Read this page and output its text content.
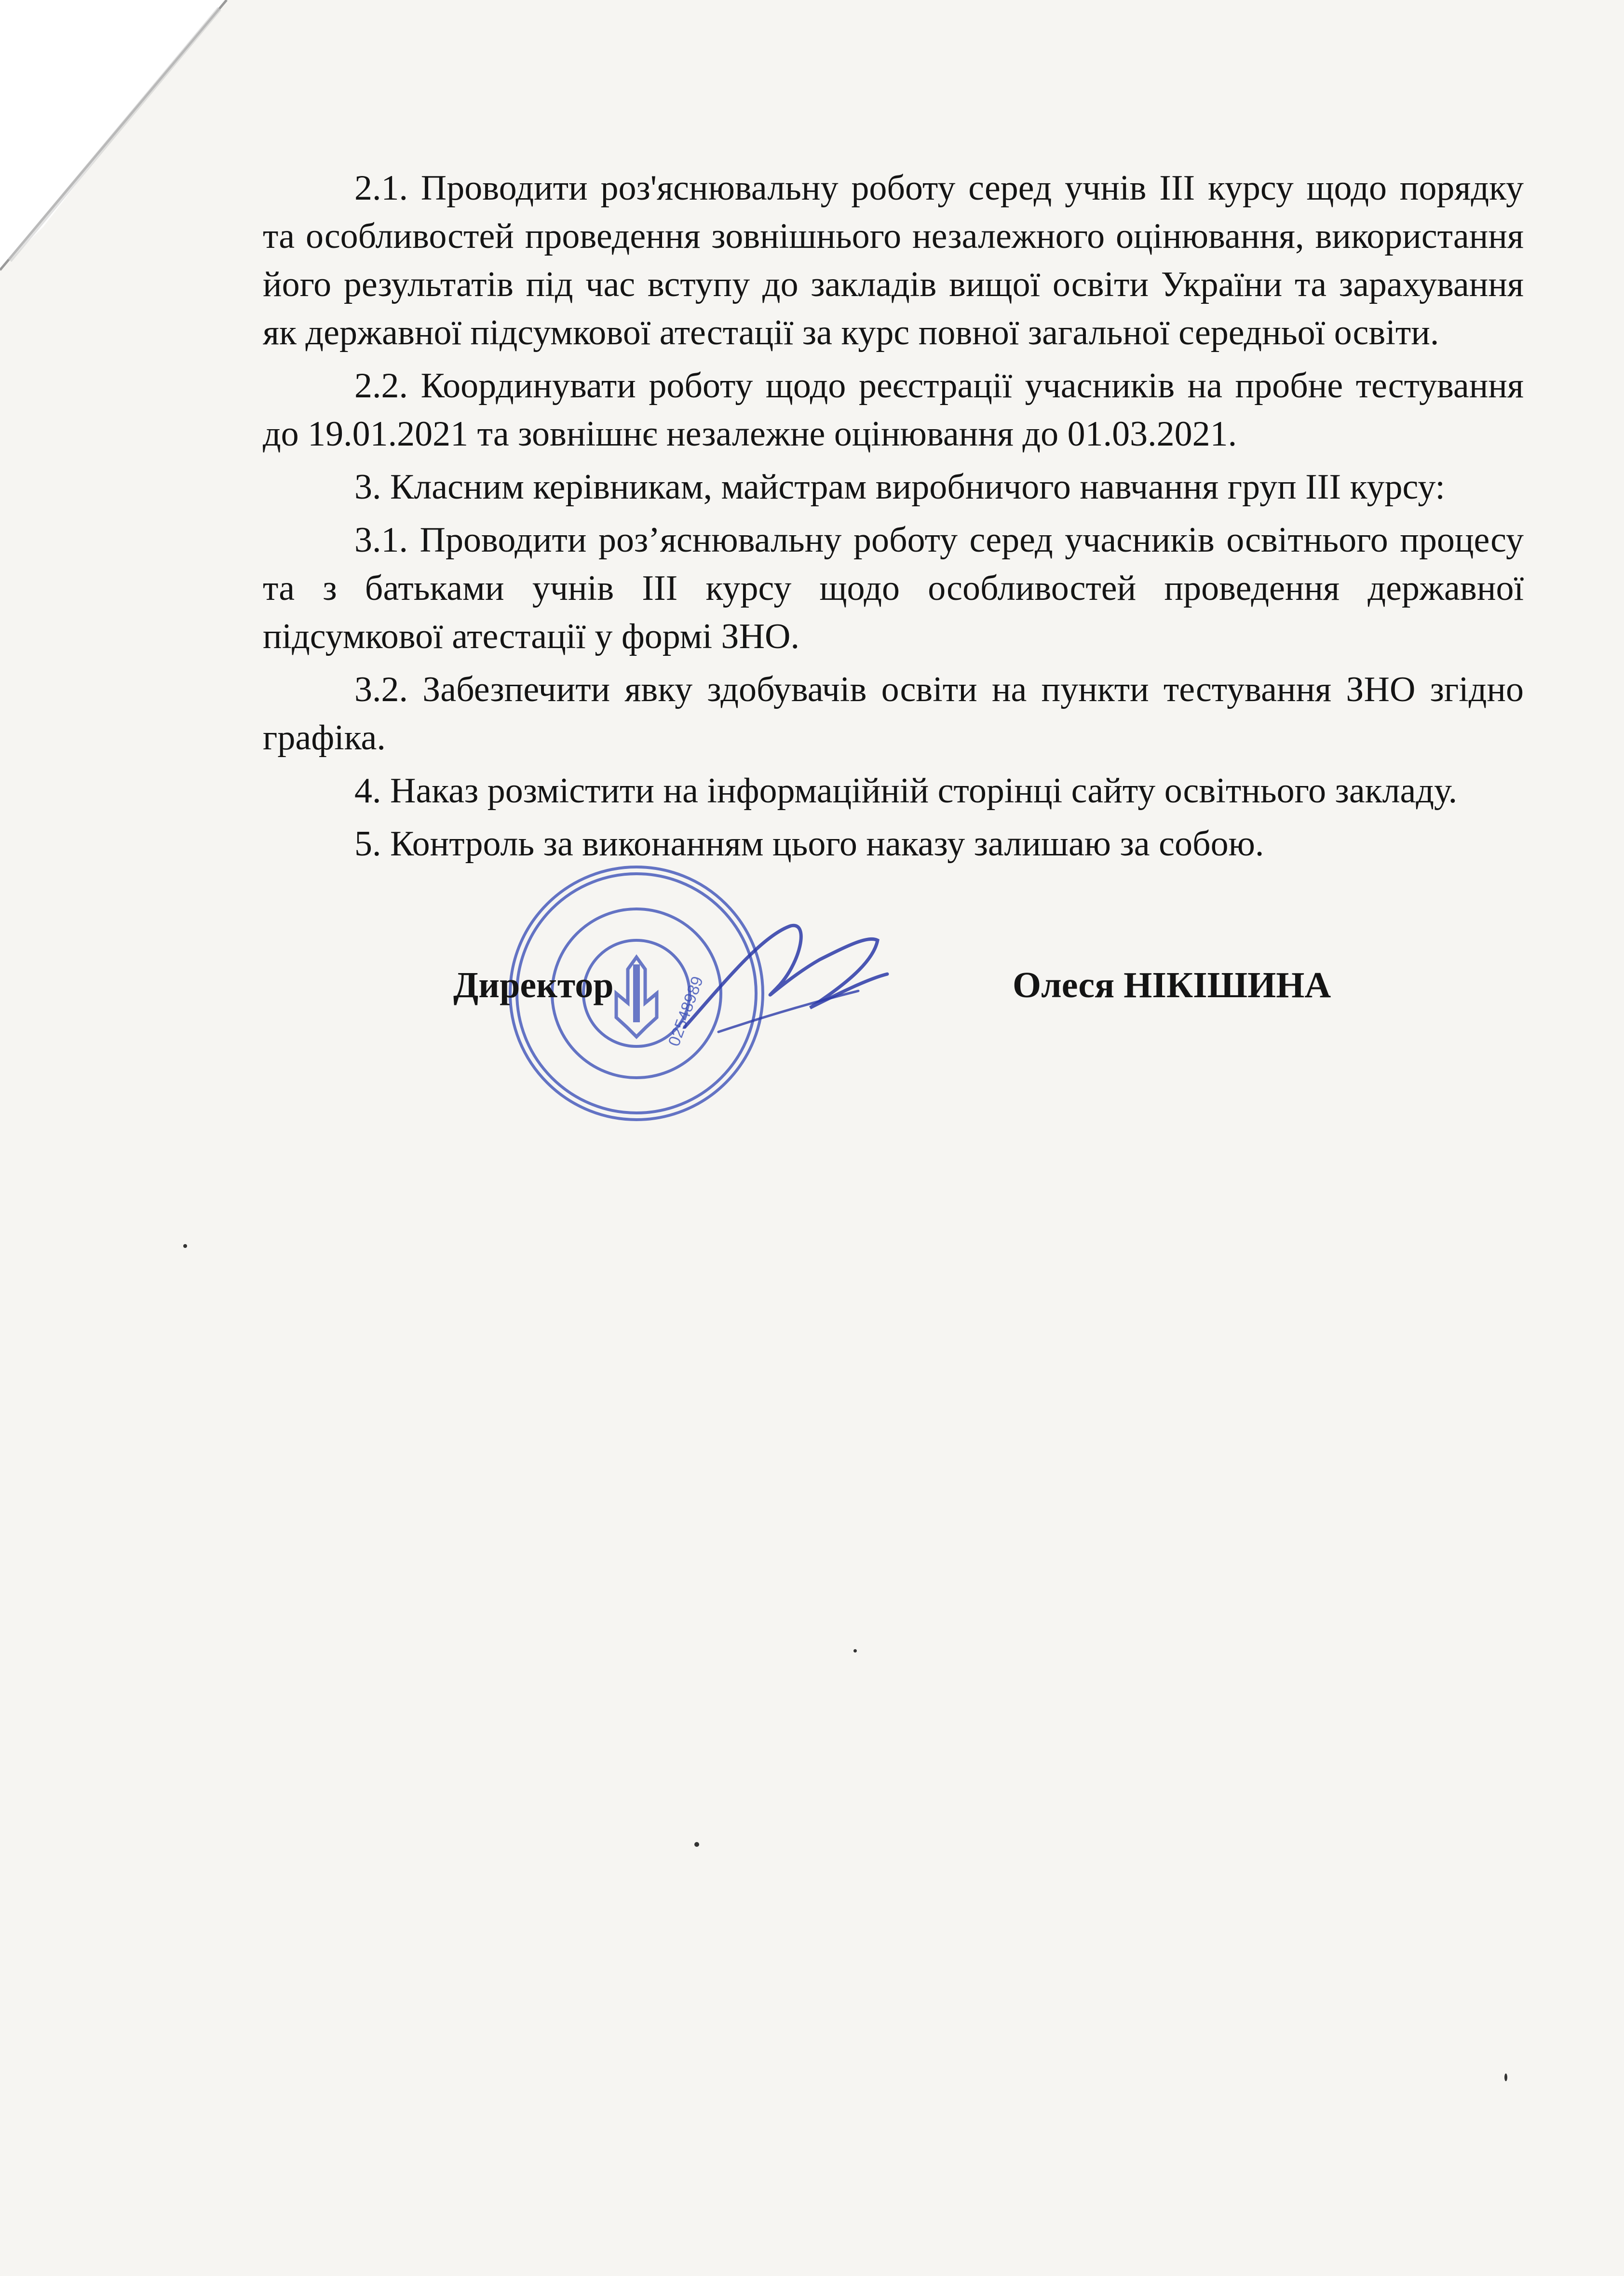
2.1. Проводити роз'яснювальну роботу серед учнів ІІІ курсу щодо порядку та особливостей проведення зовнішнього незалежного оцінювання, використання його результатів під час вступу до закладів вищої освіти України та зарахування як державної підсумкової атестації за курс повної загальної середньої освіти.

2.2. Координувати роботу щодо реєстрації учасників на пробне тестування до 19.01.2021 та зовнішнє незалежне оцінювання до 01.03.2021.

3. Класним керівникам, майстрам виробничого навчання груп ІІІ курсу:

3.1. Проводити роз’яснювальну роботу серед учасників освітнього процесу та з батьками учнів ІІІ курсу щодо особливостей проведення державної підсумкової атестації у формі ЗНО.

3.2. Забезпечити явку здобувачів освіти на пункти тестування ЗНО згідно графіка.

4. Наказ розмістити на інформаційній сторінці сайту освітнього закладу.

5. Контроль за виконанням цього наказу залишаю за собою.

02548989
Директор	Олеся НІКІШИНА
